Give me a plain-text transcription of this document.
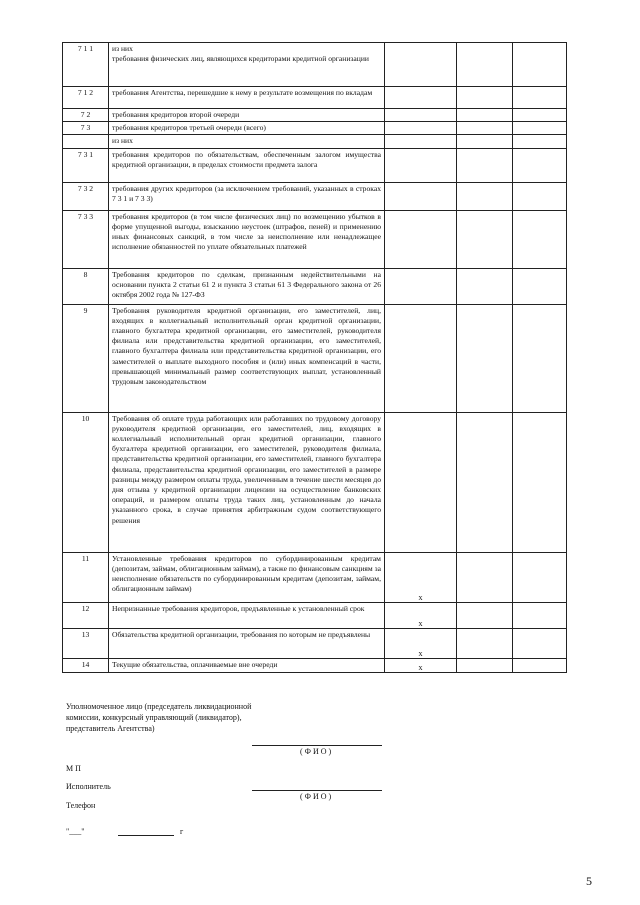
7 1 1	из них
требования физических лиц, являющихся кредиторами кредитной организации			
7 1 2	требования Агентства, перешедшие к нему в результате возмещения по вкладам			
7 2	требования кредиторов второй очереди			
7 3	требования кредиторов третьей очереди (всего)			
	из них			
7 3 1	требования кредиторов по обязательствам, обеспеченным залогом имущества кредитной организации, в пределах стоимости предмета залога			
7 3 2	требования других кредиторов (за исключением требований, указанных в строках 7 3 1 и 7 3 3)			
7 3 3	требования кредиторов (в том числе физических лиц) по возмещению убытков в форме упущенной выгоды, взысканию неустоек (штрафов, пеней) и применению иных финансовых санкций, в том числе за неисполнение или ненадлежащее исполнение обязанностей по уплате обязательных платежей			
8	Требования кредиторов по сделкам, признанным недействительными на основании пункта 2 статьи 61 2 и пункта 3 статьи 61 3 Федерального закона от 26 октября 2002 года № 127-ФЗ			
9	Требования руководителя кредитной организации, его заместителей, лиц, входящих в коллегиальный исполнительный орган кредитной организации, главного бухгалтера кредитной организации, его заместителей, руководителя филиала или представительства кредитной организации, его заместителей, главного бухгалтера филиала или представительства кредитной организации, его заместителей о выплате выходного пособия и (или) иных компенсаций в части, превышающей минимальный размер соответствующих выплат, установленный трудовым законодательством			
10	Требования об оплате труда работающих или работавших по трудовому договору руководителя кредитной организации, его заместителей, лиц, входящих в коллегиальный исполнительный орган кредитной организации, главного бухгалтера кредитной организации, его заместителей, руководителя филиала, представительства кредитной организации, его заместителей, главного бухгалтера филиала, представительства кредитной организации, его заместителей в размере разницы между размером оплаты труда, увеличенным в течение шести месяцев до дня отзыва у кредитной организации лицензии на осуществление банковских операций, и размером оплаты труда таких лиц, установленным до начала указанного срока, в случае принятия арбитражным судом соответствующего решения			
11	Установленные требования кредиторов по субординированным кредитам (депозитам, займам, облигационным займам), а также по финансовым санкциям за неисполнение обязательств по субординированным кредитам (депозитам, займам, облигационным займам)	x		
12	Непризнанные требования кредиторов, предъявленные к установленный срок	x		
13	Обязательства кредитной организации, требования по которым не предъявлены	x		
14	Текущие обязательства, оплачиваемые вне очереди	x		
Уполномоченное лицо (председатель ликвидационной комиссии, конкурсный управляющий (ликвидатор), представитель Агентства)
( Ф И О )
М П
Исполнитель
( Ф И О )
Телефон
"___"	г
5
